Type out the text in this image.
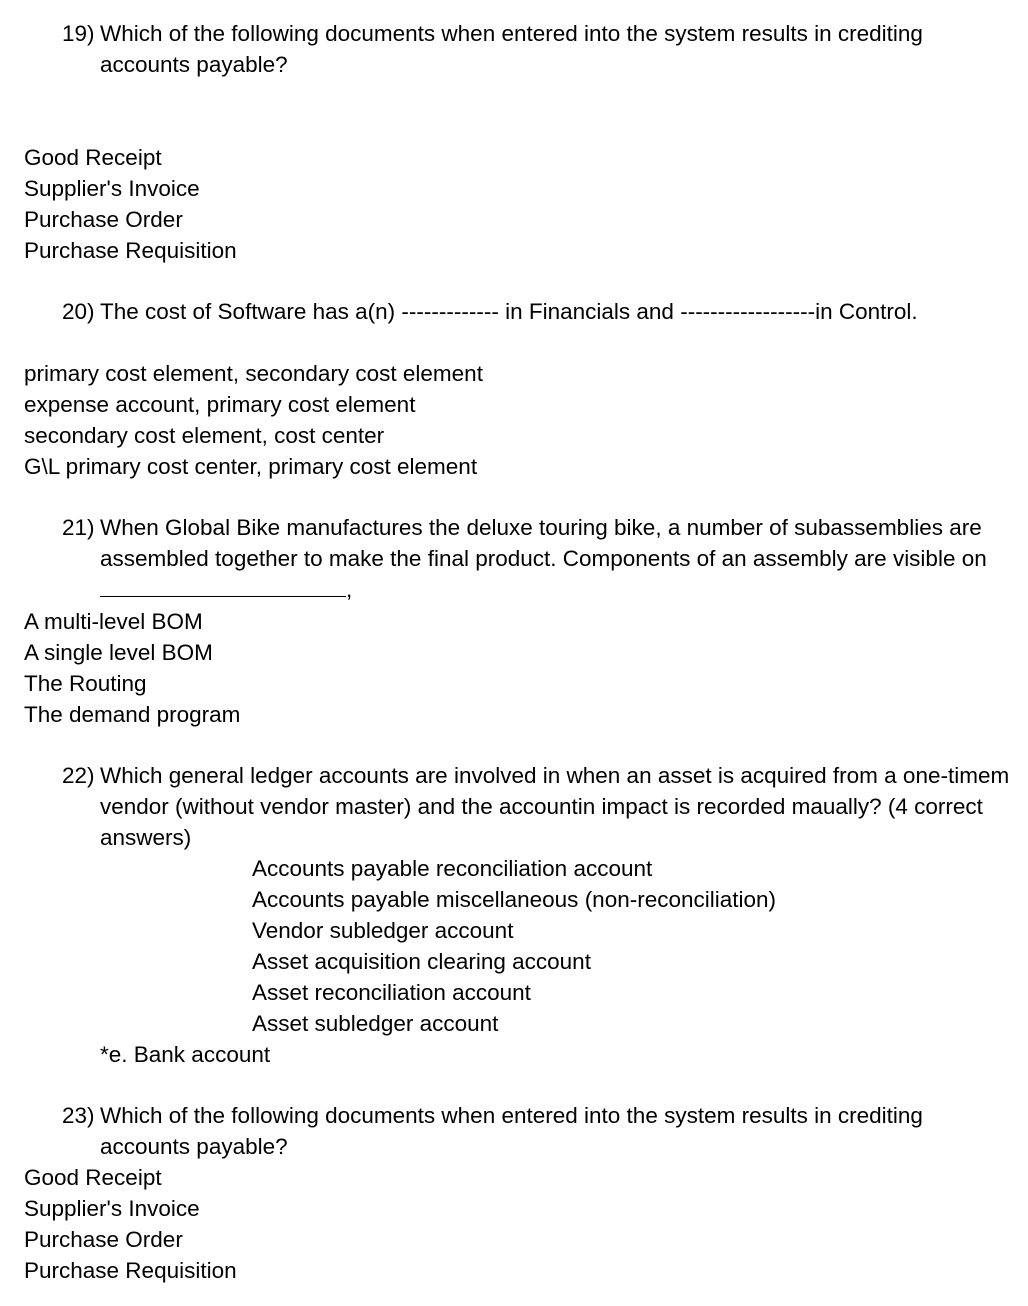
19) Which of the following documents when entered into the system results in crediting accounts payable?
Good Receipt
Supplier's Invoice
Purchase Order
Purchase Requisition
20) The cost of Software has a(n) ------------- in Financials and ------------------in Control.
primary cost element, secondary cost element
expense account, primary cost element
secondary cost element, cost center
G\L primary cost center, primary cost element
21) When Global Bike manufactures the deluxe touring bike, a number of subassemblies are assembled together to make the final product. Components of an assembly are visible on ,
A multi-level BOM
A single level BOM
The Routing
The demand program
22) Which general ledger accounts are involved in when an asset is acquired from a one-timem vendor (without vendor master) and the accountin impact is recorded maually? (4 correct answers)
Accounts payable reconciliation account
Accounts payable miscellaneous (non-reconciliation)
Vendor subledger account
Asset acquisition clearing account
Asset reconciliation account
Asset subledger account
*e. Bank account
23) Which of the following documents when entered into the system results in crediting accounts payable?
Good Receipt
Supplier's Invoice
Purchase Order
Purchase Requisition
